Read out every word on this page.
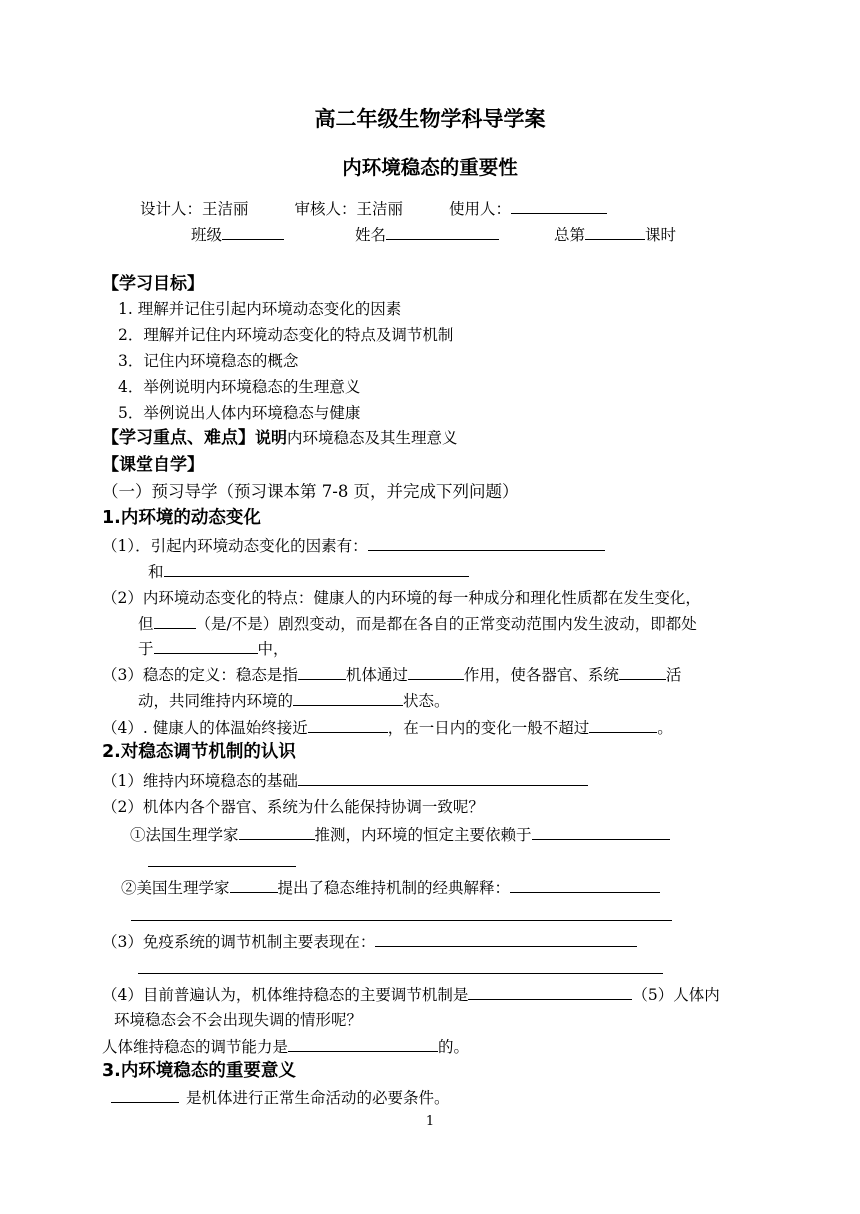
高二年级生物学科导学案
内环境稳态的重要性
设计人：王洁丽	审核人：王洁丽	使用人：
班级	姓名	总第	课时
【学习目标】
1. 理解并记住引起内环境动态变化的因素
2．理解并记住内环境动态变化的特点及调节机制
3．记住内环境稳态的概念
4．举例说明内环境稳态的生理意义
5．举例说出人体内环境稳态与健康
【学习重点、难点】说明内环境稳态及其生理意义
【课堂自学】
（一）预习导学（预习课本第 7-8 页，并完成下列问题）
1.内环境的动态变化
（1）．引起内环境动态变化的因素有：
和
（2）内环境动态变化的特点：健康人的内环境的每一种成分和理化性质都在发生变化，
但	（是/不是）剧烈变动，而是都在各自的正常变动范围内发生波动，即都处
于	中，
（3）稳态的定义：稳态是指	机体通过	作用，使各器官、系统	活
动，共同维持内环境的	状态。
（4）. 健康人的体温始终接近	，在一日内的变化一般不超过	。
2.对稳态调节机制的认识
（1）维持内环境稳态的基础
（2）机体内各个器官、系统为什么能保持协调一致呢？
①法国生理学家	推测，内环境的恒定主要依赖于
②美国生理学家	提出了稳态维持机制的经典解释：
（3）免疫系统的调节机制主要表现在：
（4）目前普遍认为，机体维持稳态的主要调节机制是	（5）人体内
环境稳态会不会出现失调的情形呢？
人体维持稳态的调节能力是	的。
3.内环境稳态的重要意义
是机体进行正常生命活动的必要条件。
1
